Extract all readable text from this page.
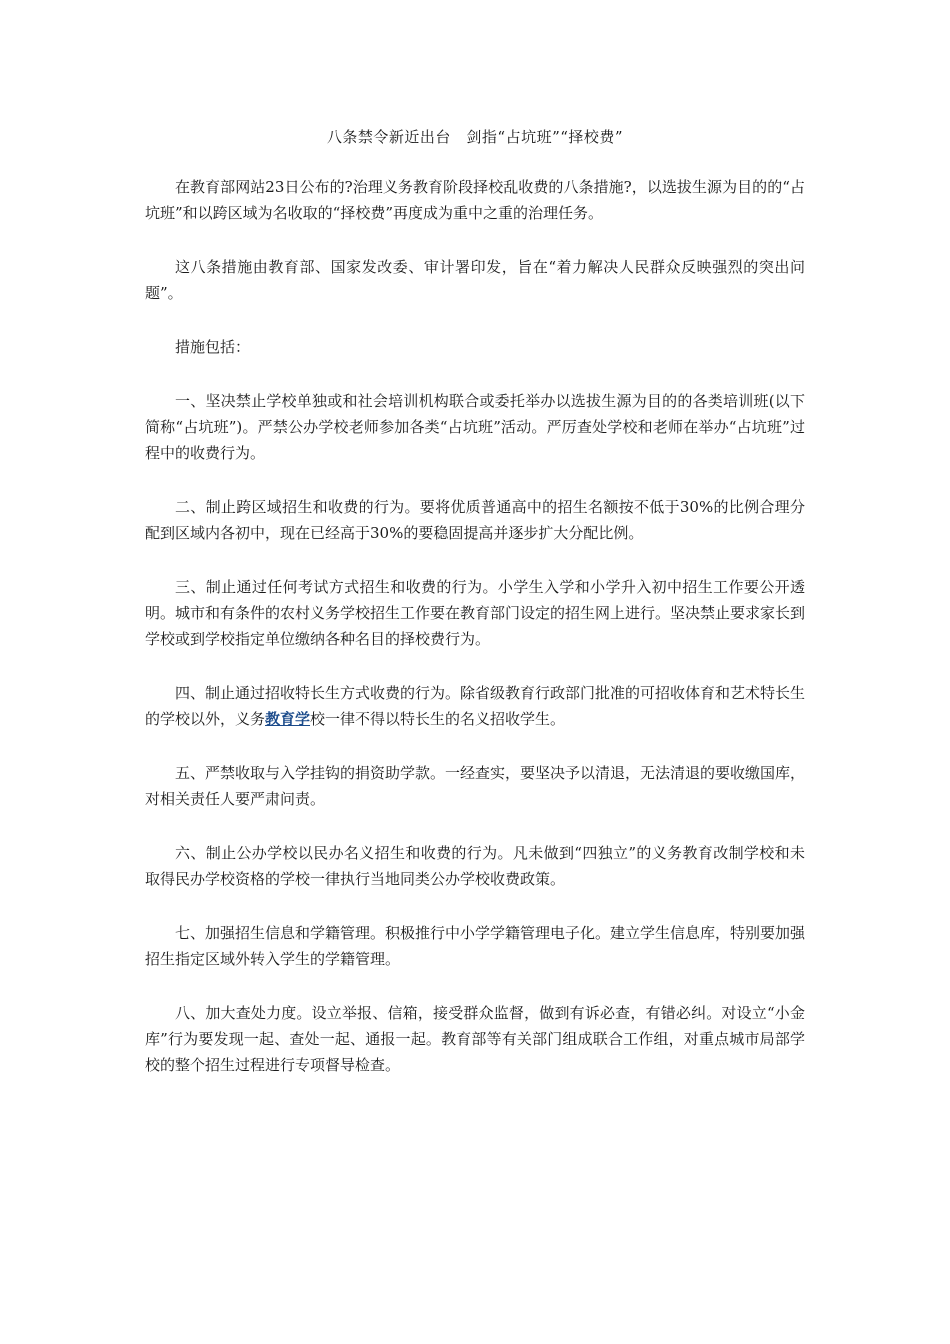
八条禁令新近出台　剑指“占坑班”“择校费”

在教育部网站23日公布的?治理义务教育阶段择校乱收费的八条措施?，以选拔生源为目的的“占坑班”和以跨区域为名收取的“择校费”再度成为重中之重的治理任务。

这八条措施由教育部、国家发改委、审计署印发，旨在“着力解决人民群众反映强烈的突出问题”。

措施包括：

一、坚决禁止学校单独或和社会培训机构联合或委托举办以选拔生源为目的的各类培训班(以下简称“占坑班”)。严禁公办学校老师参加各类“占坑班”活动。严厉查处学校和老师在举办“占坑班”过程中的收费行为。

二、制止跨区域招生和收费的行为。要将优质普通高中的招生名额按不低于30%的比例合理分配到区域内各初中，现在已经高于30%的要稳固提高并逐步扩大分配比例。

三、制止通过任何考试方式招生和收费的行为。小学生入学和小学升入初中招生工作要公开透明。城市和有条件的农村义务学校招生工作要在教育部门设定的招生网上进行。坚决禁止要求家长到学校或到学校指定单位缴纳各种名目的择校费行为。

四、制止通过招收特长生方式收费的行为。除省级教育行政部门批准的可招收体育和艺术特长生的学校以外，义务教育学校一律不得以特长生的名义招收学生。

五、严禁收取与入学挂钩的捐资助学款。一经查实，要坚决予以清退，无法清退的要收缴国库，对相关责任人要严肃问责。

六、制止公办学校以民办名义招生和收费的行为。凡未做到“四独立”的义务教育改制学校和未取得民办学校资格的学校一律执行当地同类公办学校收费政策。

七、加强招生信息和学籍管理。积极推行中小学学籍管理电子化。建立学生信息库，特别要加强招生指定区域外转入学生的学籍管理。

八、加大查处力度。设立举报、信箱，接受群众监督，做到有诉必查，有错必纠。对设立“小金库”行为要发现一起、查处一起、通报一起。教育部等有关部门组成联合工作组，对重点城市局部学校的整个招生过程进行专项督导检查。
